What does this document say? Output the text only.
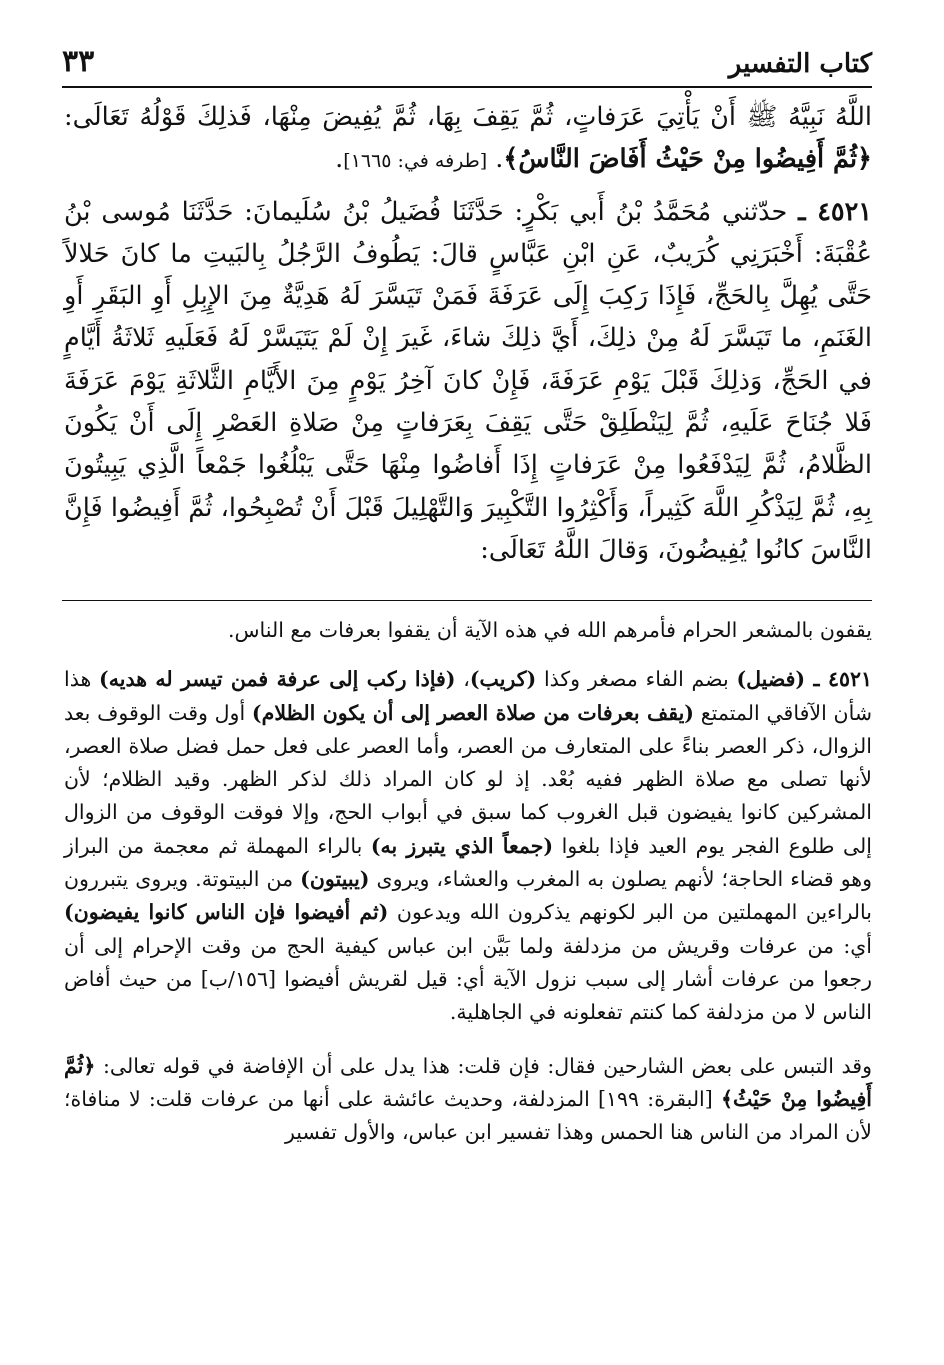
٣٣	كتاب التفسير

اللَّهُ نَبِيَّهُ ﷺ أَنْ يَأْتِيَ عَرَفاتٍ، ثُمَّ يَقِفَ بِهَا، ثُمَّ يُفِيضَ مِنْهَا، فَذلِكَ قَوْلُهُ تَعَالَى: ﴿ثُمَّ أَفِيضُوا مِنْ حَيْثُ أَفَاضَ النَّاسُ﴾. [طرفه في: ١٦٦٥].

٤٥٢١ ـ حدّثني مُحَمَّدُ بْنُ أَبي بَكْرٍ: حَدَّثَنَا فُضَيلُ بْنُ سُلَيمانَ: حَدَّثَنَا مُوسى بْنُ عُقْبَةَ: أَخْبَرَنِي كُرَيبٌ، عَنِ ابْنِ عَبَّاسٍ قالَ: يَطُوفُ الرَّجُلُ بِالبَيتِ ما كانَ حَلالاً حَتَّى يُهِلَّ بِالحَجِّ، فَإِذَا رَكِبَ إِلَى عَرَفَةَ فَمَنْ تَيَسَّرَ لَهُ هَدِيَّةٌ مِنَ الإِبِلِ أَوِ البَقَرِ أَوِ الغَنَمِ، ما تَيَسَّرَ لَهُ مِنْ ذلِكَ، أَيَّ ذلِكَ شاءَ، غَيرَ إِنْ لَمْ يَتَيَسَّرْ لَهُ فَعَلَيهِ ثَلاثَةُ أَيَّامٍ في الحَجِّ، وَذلِكَ قَبْلَ يَوْمِ عَرَفَةَ، فَإِنْ كانَ آخِرُ يَوْمٍ مِنَ الأَيَّامِ الثَّلاثَةِ يَوْمَ عَرَفَةَ فَلا جُنَاحَ عَلَيهِ، ثُمَّ لِيَنْطَلِقْ حَتَّى يَقِفَ بِعَرَفاتٍ مِنْ صَلاةِ العَصْرِ إِلَى أَنْ يَكُونَ الظَّلامُ، ثُمَّ لِيَدْفَعُوا مِنْ عَرَفاتٍ إِذَا أَفاضُوا مِنْهَا حَتَّى يَبْلُغُوا جَمْعاً الَّذِي يَبِيتُونَ بِهِ، ثُمَّ لِيَذْكُرِ اللَّهَ كَثِيراً، وَأَكْثِرُوا التَّكْبِيرَ وَالتَّهْلِيلَ قَبْلَ أَنْ تُصْبِحُوا، ثُمَّ أَفِيضُوا فَإِنَّ النَّاسَ كانُوا يُفِيضُونَ، وَقالَ اللَّهُ تَعَالَى:

يقفون بالمشعر الحرام فأمرهم الله في هذه الآية أن يقفوا بعرفات مع الناس.

٤٥٢١ ـ (فضيل) بضم الفاء مصغر وكذا (كريب)، (فإذا ركب إلى عرفة فمن تيسر له هديه) هذا شأن الآفاقي المتمتع (يقف بعرفات من صلاة العصر إلى أن يكون الظلام) أول وقت الوقوف بعد الزوال، ذكر العصر بناءً على المتعارف من العصر، وأما العصر على فعل حمل فضل صلاة العصر، لأنها تصلى مع صلاة الظهر ففيه بُعْد. إذ لو كان المراد ذلك لذكر الظهر. وقيد الظلام؛ لأن المشركين كانوا يفيضون قبل الغروب كما سبق في أبواب الحج، وإلا فوقت الوقوف من الزوال إلى طلوع الفجر يوم العيد فإذا بلغوا (جمعاً الذي يتبرز به) بالراء المهملة ثم معجمة من البراز وهو قضاء الحاجة؛ لأنهم يصلون به المغرب والعشاء، ويروى (يبيتون) من البيتوتة. ويروى يتبررون بالراءين المهملتين من البر لكونهم يذكرون الله ويدعون (ثم أفيضوا فإن الناس كانوا يفيضون) أي: من عرفات وقريش من مزدلفة ولما بَيَّن ابن عباس كيفية الحج من وقت الإحرام إلى أن رجعوا من عرفات أشار إلى سبب نزول الآية أي: قيل لقريش أفيضوا [١٥٦/ب] من حيث أفاض الناس لا من مزدلفة كما كنتم تفعلونه في الجاهلية.

وقد التبس على بعض الشارحين فقال: فإن قلت: هذا يدل على أن الإفاضة في قوله تعالى: ﴿ثُمَّ أَفِيضُوا مِنْ حَيْثُ﴾ [البقرة: ١٩٩] المزدلفة، وحديث عائشة على أنها من عرفات قلت: لا منافاة؛ لأن المراد من الناس هنا الحمس وهذا تفسير ابن عباس، والأول تفسير
